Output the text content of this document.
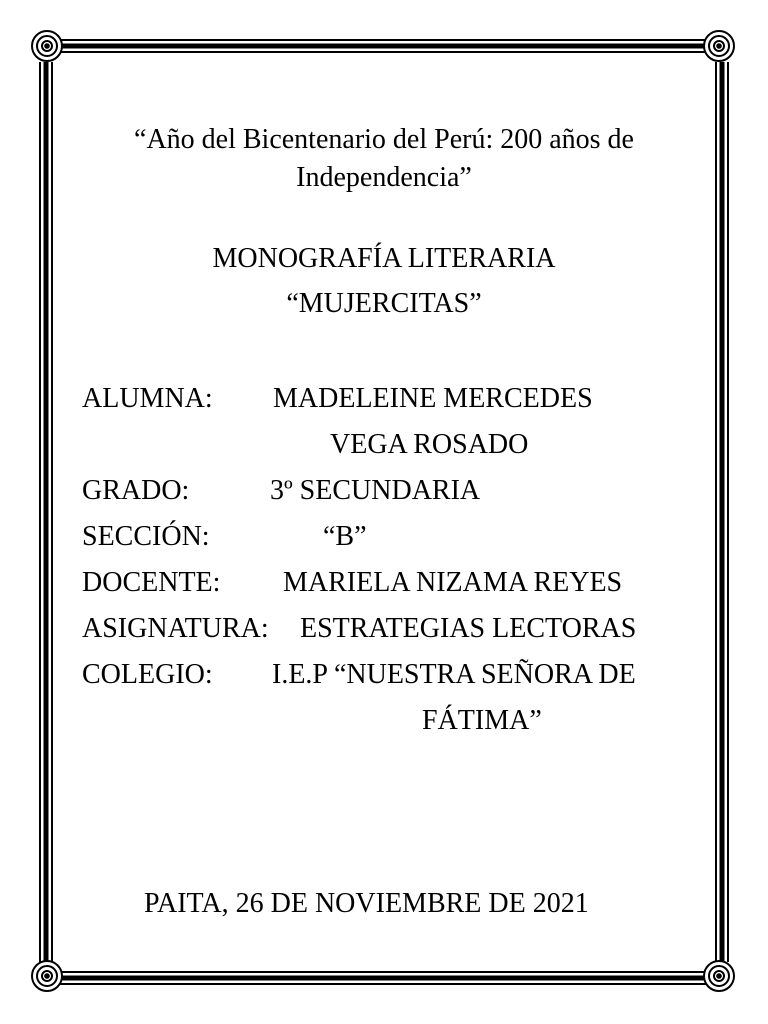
“Año del Bicentenario del Perú: 200 años de
Independencia”
MONOGRAFÍA LITERARIA
“MUJERCITAS”
ALUMNA: MADELEINE MERCEDES
VEGA ROSADO
GRADO:	3º SECUNDARIA
SECCIÓN:	“B”
DOCENTE: MARIELA NIZAMA REYES
ASIGNATURA: ESTRATEGIAS LECTORAS
COLEGIO: I.E.P “NUESTRA SEÑORA DE
FÁTIMA”
PAITA, 26 DE NOVIEMBRE DE 2021
